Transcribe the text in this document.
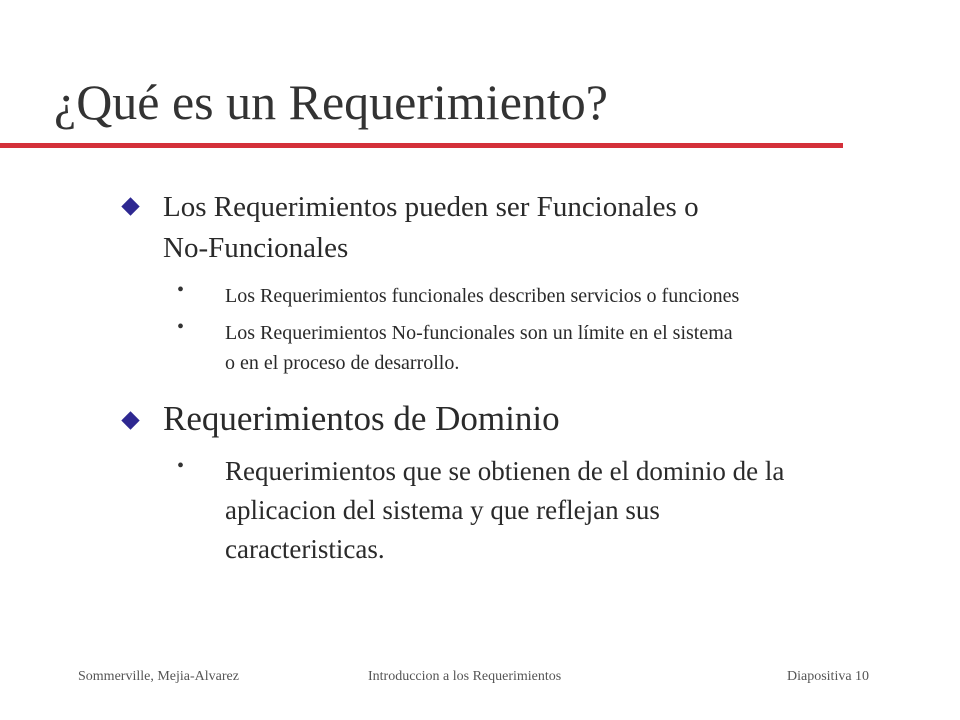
¿Qué es un Requerimiento?
Los Requerimientos pueden ser Funcionales o
No-Funcionales
• Los Requerimientos funcionales describen servicios o funciones
• Los Requerimientos No-funcionales son un límite en el sistema
o en el proceso de desarrollo.
Requerimientos de Dominio
• Requerimientos que se obtienen de el dominio de la
aplicacion del sistema y que reflejan sus
caracteristicas.
Sommerville, Mejia-Alvarez	Introduccion a los Requerimientos	Diapositiva 10
